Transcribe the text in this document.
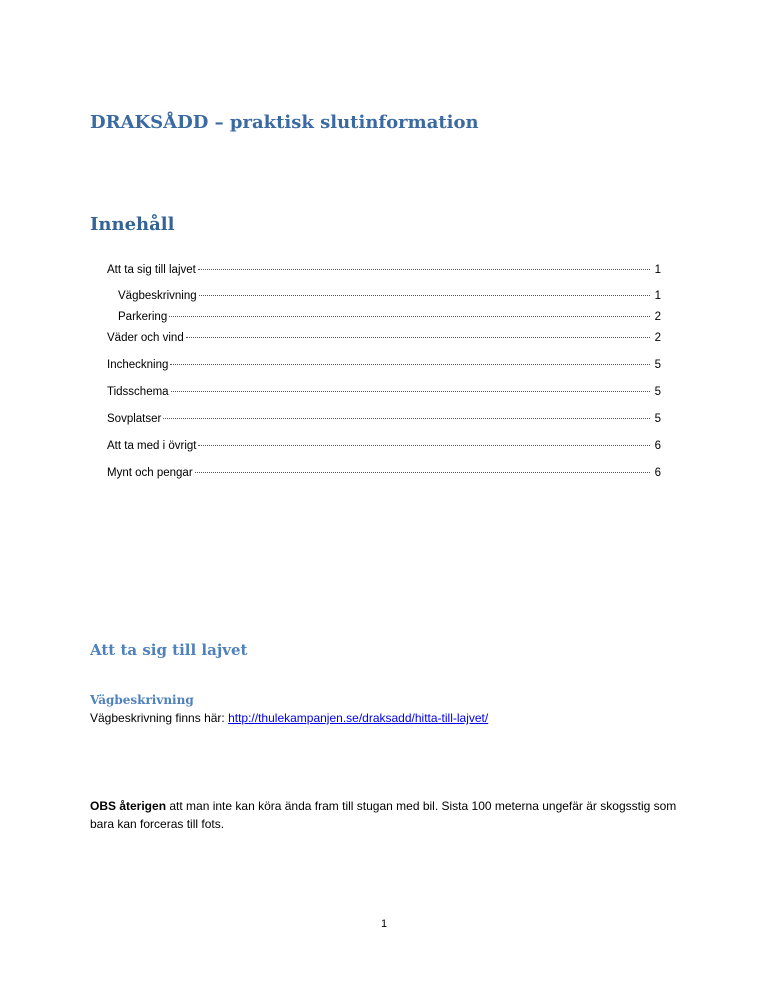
DRAKSÅDD – praktisk slutinformation
Innehåll
Att ta sig till lajvet	1
Vägbeskrivning	1
Parkering	2
Väder och vind	2
Incheckning	5
Tidsschema	5
Sovplatser	5
Att ta med i övrigt	6
Mynt och pengar	6
Att ta sig till lajvet
Vägbeskrivning

Vägbeskrivning finns här: http://thulekampanjen.se/draksadd/hitta-till-lajvet/

OBS återigen att man inte kan köra ända fram till stugan med bil. Sista 100 meterna ungefär är skogsstig som bara kan forceras till fots.

1
